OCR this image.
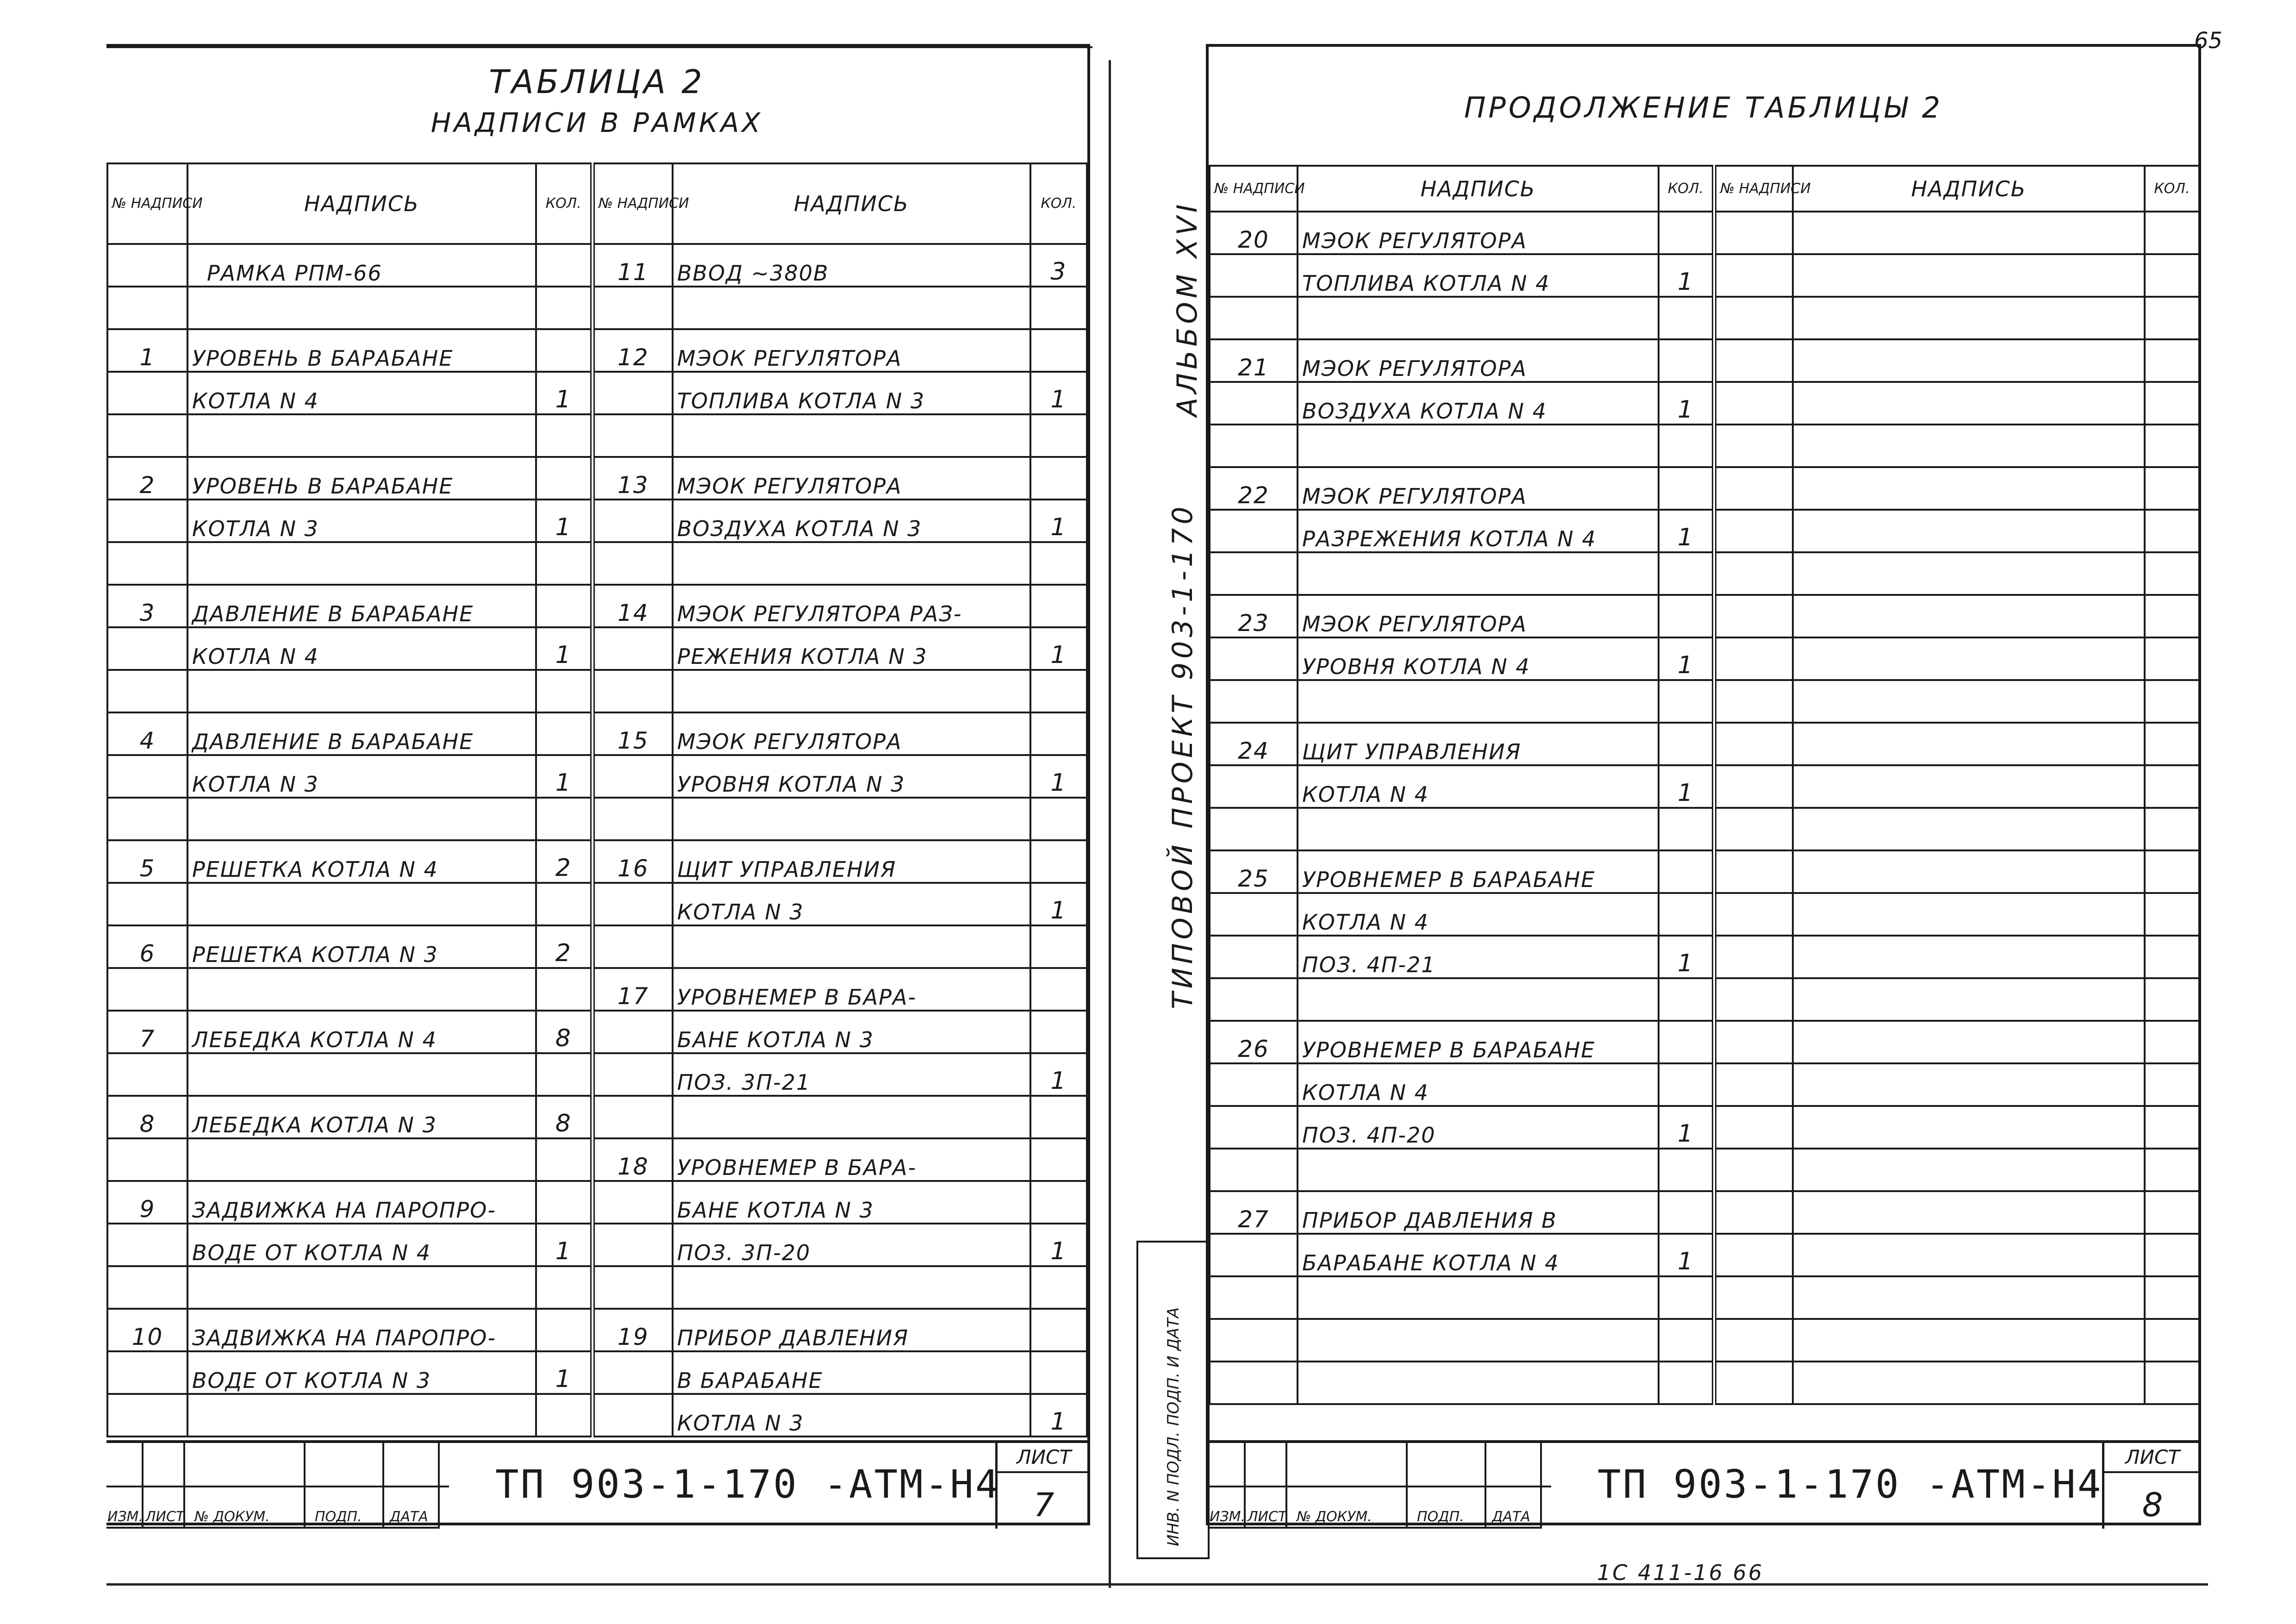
ТАБЛИЦА 2
НАДПИСИ В РАМКАХ
№ НАДПИСИ	НАДПИСЬ	КОЛ.	№ НАДПИСИ	НАДПИСЬ	КОЛ.
	РАМКА РПМ-66		11	ВВОД ~380В	3

1	УРОВЕНЬ В БАРАБАНЕ		12	МЭОК РЕГУЛЯТОРА	
	КОТЛА N 4	1		ТОПЛИВА КОТЛА N 3	1

2	УРОВЕНЬ В БАРАБАНЕ		13	МЭОК РЕГУЛЯТОРА	
	КОТЛА N 3	1		ВОЗДУХА КОТЛА N 3	1

3	ДАВЛЕНИЕ В БАРАБАНЕ		14	МЭОК РЕГУЛЯТОРА РАЗ-	
	КОТЛА N 4	1		РЕЖЕНИЯ КОТЛА N 3	1

4	ДАВЛЕНИЕ В БАРАБАНЕ		15	МЭОК РЕГУЛЯТОРА	
	КОТЛА N 3	1		УРОВНЯ КОТЛА N 3	1

5	РЕШЕТКА КОТЛА N 4	2	16	ЩИТ УПРАВЛЕНИЯ	
				КОТЛА N 3	1
6	РЕШЕТКА КОТЛА N 3	2			
			17	УРОВНЕМЕР В БАРА-	
7	ЛЕБЕДКА КОТЛА N 4	8		БАНЕ КОТЛА N 3	
				ПОЗ. 3П-21	1
8	ЛЕБЕДКА КОТЛА N 3	8			
			18	УРОВНЕМЕР В БАРА-	
9	ЗАДВИЖКА НА ПАРОПРО-			БАНЕ КОТЛА N 3	
	ВОДЕ ОТ КОТЛА N 4	1		ПОЗ. 3П-20	1

10	ЗАДВИЖКА НА ПАРОПРО-		19	ПРИБОР ДАВЛЕНИЯ	
	ВОДЕ ОТ КОТЛА N 3	1		В БАРАБАНЕ	
				КОТЛА N 3	1
ИЗМ. ЛИСТ № ДОКУМ.	ПОДП. ДАТА
ТП 903-1-170 -АТМ-Н4
ЛИСТ
7
ПРОДОЛЖЕНИЕ ТАБЛИЦЫ 2
№ НАДПИСИ	НАДПИСЬ	КОЛ.	№ НАДПИСИ	НАДПИСЬ	КОЛ.
20	МЭОК РЕГУЛЯТОРА				
	ТОПЛИВА КОТЛА N 4	1			

21	МЭОК РЕГУЛЯТОРА				
	ВОЗДУХА КОТЛА N 4	1			

22	МЭОК РЕГУЛЯТОРА				
	РАЗРЕЖЕНИЯ КОТЛА N 4	1			

23	МЭОК РЕГУЛЯТОРА				
	УРОВНЯ КОТЛА N 4	1			

24	ЩИТ УПРАВЛЕНИЯ				
	КОТЛА N 4	1			

25	УРОВНЕМЕР В БАРАБАНЕ				
	КОТЛА N 4				
	ПОЗ. 4П-21	1			

26	УРОВНЕМЕР В БАРАБАНЕ				
	КОТЛА N 4				
	ПОЗ. 4П-20	1			

27	ПРИБОР ДАВЛЕНИЯ В				
	БАРАБАНЕ КОТЛА N 4	1			

ИЗМ. ЛИСТ № ДОКУМ.	ПОДП. ДАТА
ТП 903-1-170 -АТМ-Н4
ЛИСТ
8
АЛЬБОМ XVI
ТИПОВОЙ ПРОЕКТ 903-1-170
ПОДП. И ДАТА
ИНВ. N ПОДЛ.
1С 411-16 66
65
